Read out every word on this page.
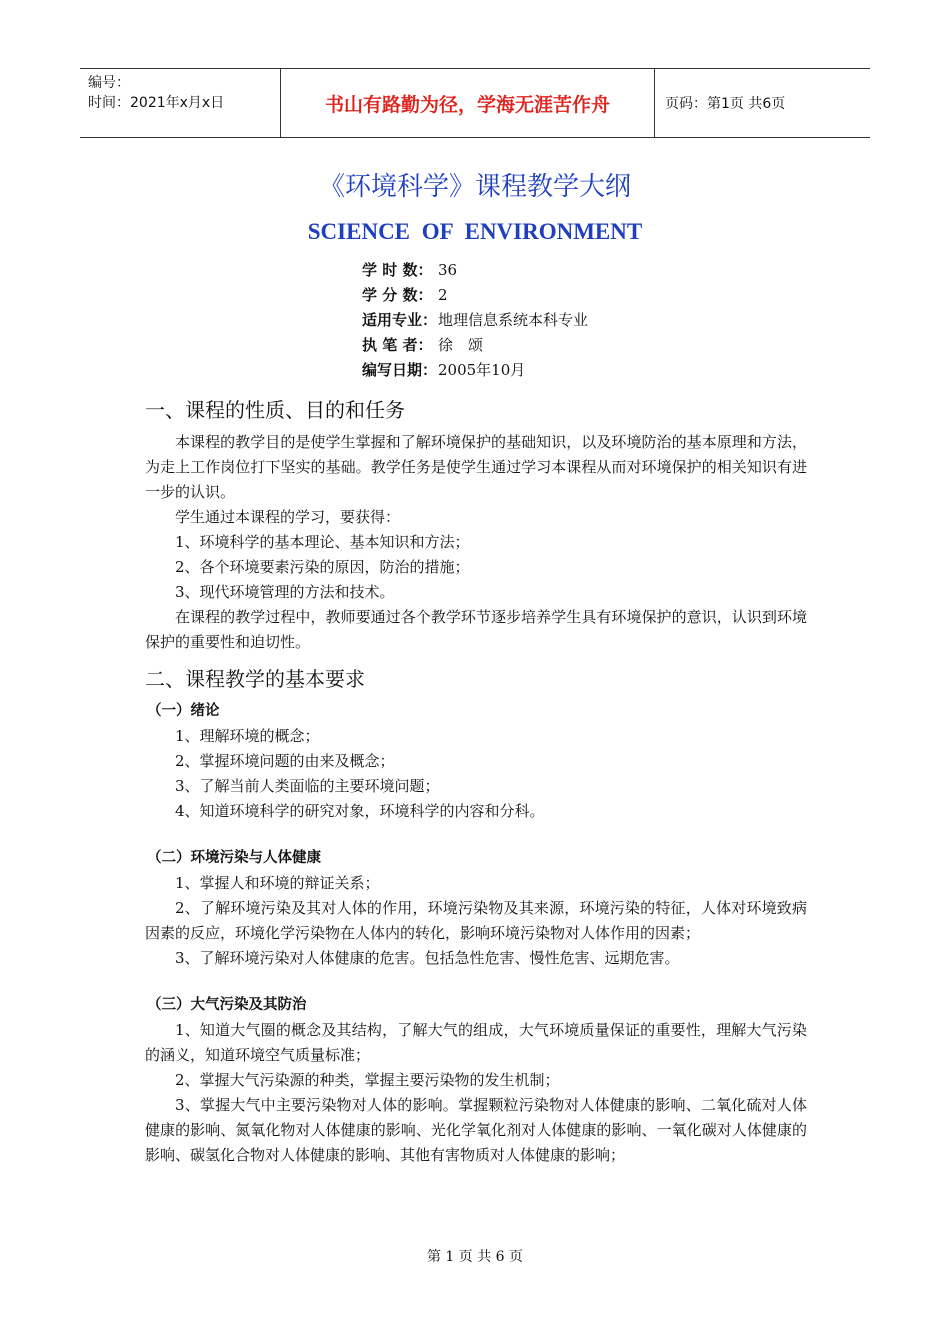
编号：
时间：2021年x月x日	书山有路勤为径，学海无涯苦作舟	页码：第1页 共6页
《环境科学》课程教学大纲
SCIENCE OF ENVIRONMENT
学 时 数： 36
学 分 数： 2
适用专业：地理信息系统本科专业
执 笔 者： 徐　颂
编写日期：2005年10月
一、课程的性质、目的和任务

本课程的教学目的是使学生掌握和了解环境保护的基础知识，以及环境防治的基本原理和方法，为走上工作岗位打下坚实的基础。教学任务是使学生通过学习本课程从而对环境保护的相关知识有进一步的认识。

学生通过本课程的学习，要获得：

1、环境科学的基本理论、基本知识和方法；

2、各个环境要素污染的原因，防治的措施；

3、现代环境管理的方法和技术。

在课程的教学过程中，教师要通过各个教学环节逐步培养学生具有环境保护的意识，认识到环境保护的重要性和迫切性。

二、课程教学的基本要求
（一）绪论

1、理解环境的概念；

2、掌握环境问题的由来及概念；

3、了解当前人类面临的主要环境问题；

4、知道环境科学的研究对象，环境科学的内容和分科。

（二）环境污染与人体健康

1、掌握人和环境的辩证关系；

2、了解环境污染及其对人体的作用，环境污染物及其来源，环境污染的特征，人体对环境致病因素的反应，环境化学污染物在人体内的转化，影响环境污染物对人体作用的因素；

3、了解环境污染对人体健康的危害。包括急性危害、慢性危害、远期危害。

（三）大气污染及其防治

1、知道大气圈的概念及其结构，了解大气的组成，大气环境质量保证的重要性，理解大气污染的涵义，知道环境空气质量标准；

2、掌握大气污染源的种类，掌握主要污染物的发生机制；

3、掌握大气中主要污染物对人体的影响。掌握颗粒污染物对人体健康的影响、二氧化硫对人体健康的影响、氮氧化物对人体健康的影响、光化学氧化剂对人体健康的影响、一氧化碳对人体健康的影响、碳氢化合物对人体健康的影响、其他有害物质对人体健康的影响；

第 1 页 共 6 页
